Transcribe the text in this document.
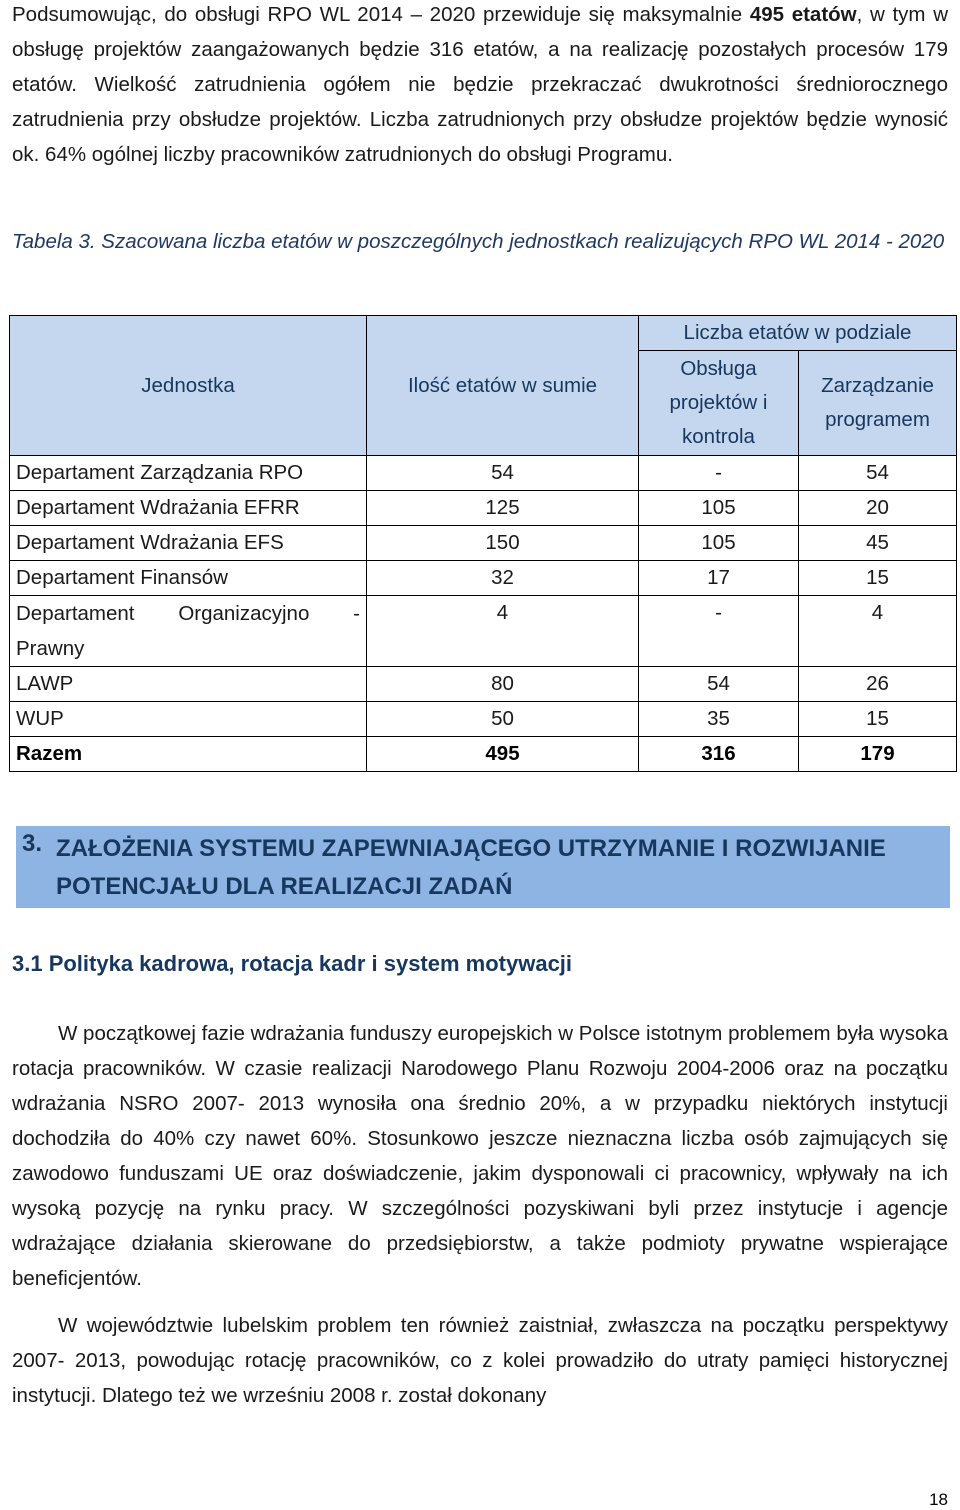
Podsumowując, do obsługi RPO WL 2014 – 2020 przewiduje się maksymalnie 495 etatów, w tym w obsługę projektów zaangażowanych będzie 316 etatów, a na realizację pozostałych procesów 179 etatów. Wielkość zatrudnienia ogółem nie będzie przekraczać dwukrotności średniorocznego zatrudnienia przy obsłudze projektów. Liczba zatrudnionych przy obsłudze projektów będzie wynosić ok. 64% ogólnej liczby pracowników zatrudnionych do obsługi Programu.

Tabela 3. Szacowana liczba etatów w poszczególnych jednostkach realizujących RPO WL 2014 - 2020

Jednostka	Ilość etatów w sumie	Liczba etatów w podziale	
		Obsługa projektów i kontrola	Zarządzanie programem
Departament Zarządzania RPO	54	-	54
Departament Wdrażania EFRR	125	105	20
Departament Wdrażania EFS	150	105	45
Departament Finansów	32	17	15

Departament Organizacyjno -
Prawny	4	-	4
LAWP	80	54	26
WUP	50	35	15
Razem	495	316	179
3. ZAŁOŻENIA SYSTEMU ZAPEWNIAJĄCEGO UTRZYMANIE I ROZWIJANIE POTENCJAŁU DLA REALIZACJI ZADAŃ
3.1 Polityka kadrowa, rotacja kadr i system motywacji

W początkowej fazie wdrażania funduszy europejskich w Polsce istotnym problemem była wysoka rotacja pracowników. W czasie realizacji Narodowego Planu Rozwoju 2004-2006 oraz na początku wdrażania NSRO 2007- 2013 wynosiła ona średnio 20%, a w przypadku niektórych instytucji dochodziła do 40% czy nawet 60%. Stosunkowo jeszcze nieznaczna liczba osób zajmujących się zawodowo funduszami UE oraz doświadczenie, jakim dysponowali ci pracownicy, wpływały na ich wysoką pozycję na rynku pracy. W szczególności pozyskiwani byli przez instytucje i agencje wdrażające działania skierowane do przedsiębiorstw, a także podmioty prywatne wspierające beneficjentów.

W województwie lubelskim problem ten również zaistniał, zwłaszcza na początku perspektywy 2007- 2013, powodując rotację pracowników, co z kolei prowadziło do utraty pamięci historycznej instytucji. Dlatego też we wrześniu 2008 r. został dokonany

18
